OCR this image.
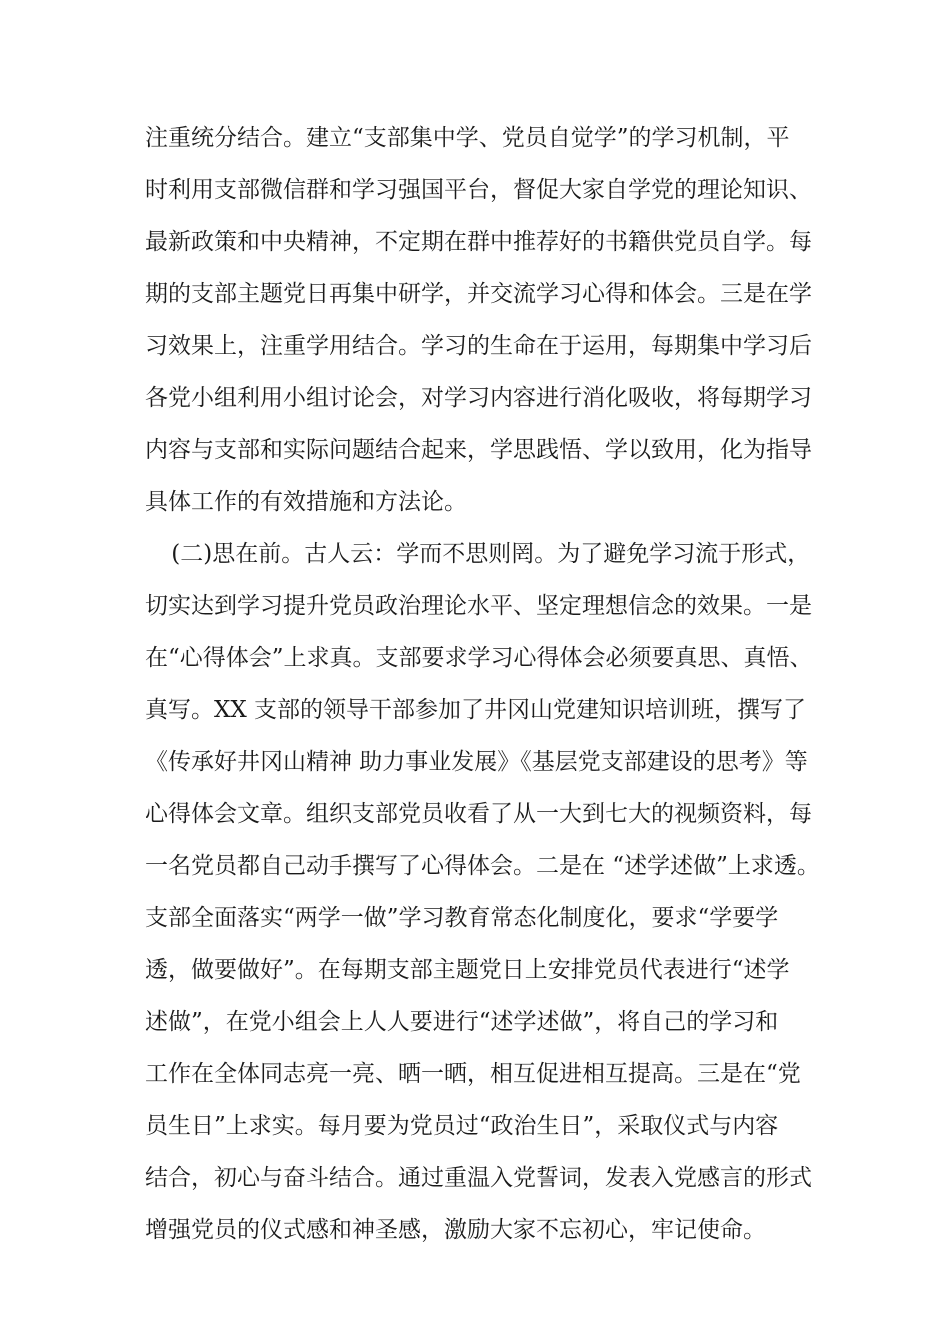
注重统分结合。建立“支部集中学、党员自觉学”的学习机制，平
时利用支部微信群和学习强国平台，督促大家自学党的理论知识、
最新政策和中央精神，不定期在群中推荐好的书籍供党员自学。每
期的支部主题党日再集中研学，并交流学习心得和体会。三是在学
习效果上，注重学用结合。学习的生命在于运用，每期集中学习后
各党小组利用小组讨论会，对学习内容进行消化吸收，将每期学习
内容与支部和实际问题结合起来，学思践悟、学以致用，化为指导
具体工作的有效措施和方法论。
(二)思在前。古人云：学而不思则罔。为了避免学习流于形式，
切实达到学习提升党员政治理论水平、坚定理想信念的效果。一是
在“心得体会”上求真。支部要求学习心得体会必须要真思、真悟、
真写。XX 支部的领导干部参加了井冈山党建知识培训班，撰写了
《传承好井冈山精神 助力事业发展》《基层党支部建设的思考》等
心得体会文章。组织支部党员收看了从一大到七大的视频资料，每
一名党员都自己动手撰写了心得体会。二是在 “述学述做”上求透。
支部全面落实“两学一做”学习教育常态化制度化，要求“学要学
透，做要做好”。在每期支部主题党日上安排党员代表进行“述学
述做”，在党小组会上人人要进行“述学述做”，将自己的学习和
工作在全体同志亮一亮、晒一晒，相互促进相互提高。三是在“党
员生日”上求实。每月要为党员过“政治生日”，采取仪式与内容
结合，初心与奋斗结合。通过重温入党誓词，发表入党感言的形式
增强党员的仪式感和神圣感，激励大家不忘初心，牢记使命。
